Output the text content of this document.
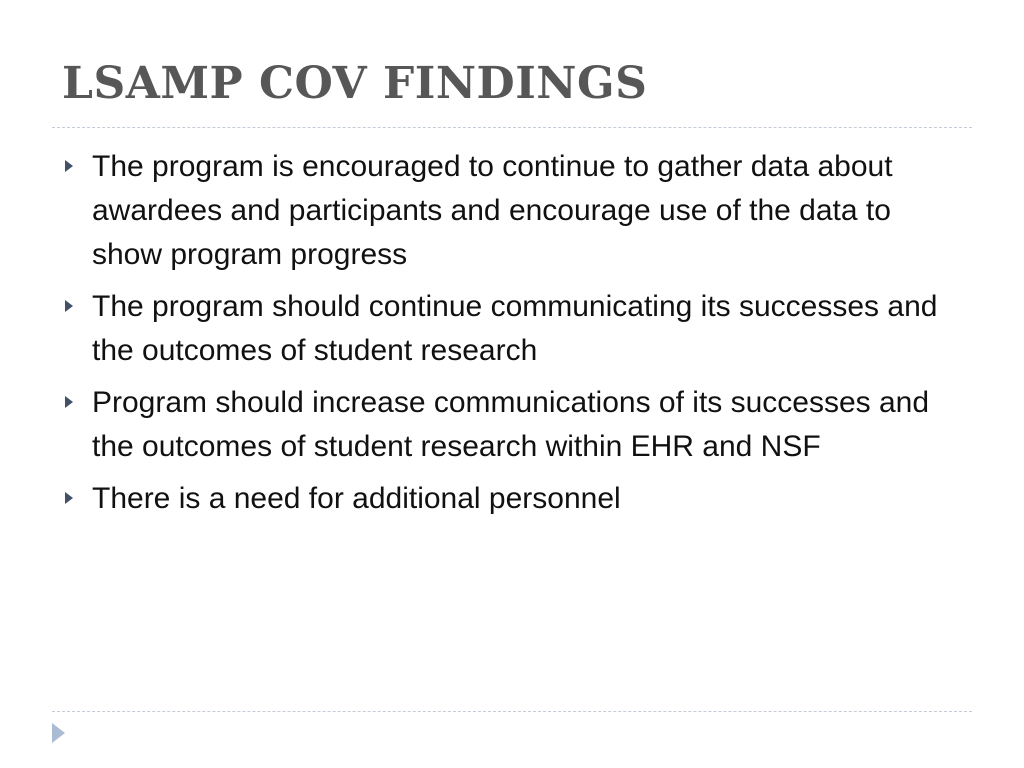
LSAMP COV FINDINGS
The program is encouraged to continue to gather data about awardees and participants and encourage use of the data to show program progress
The program should continue communicating its successes and the outcomes of student research
Program should increase communications of its successes and the outcomes of student research within EHR and NSF
There is a need for additional personnel
